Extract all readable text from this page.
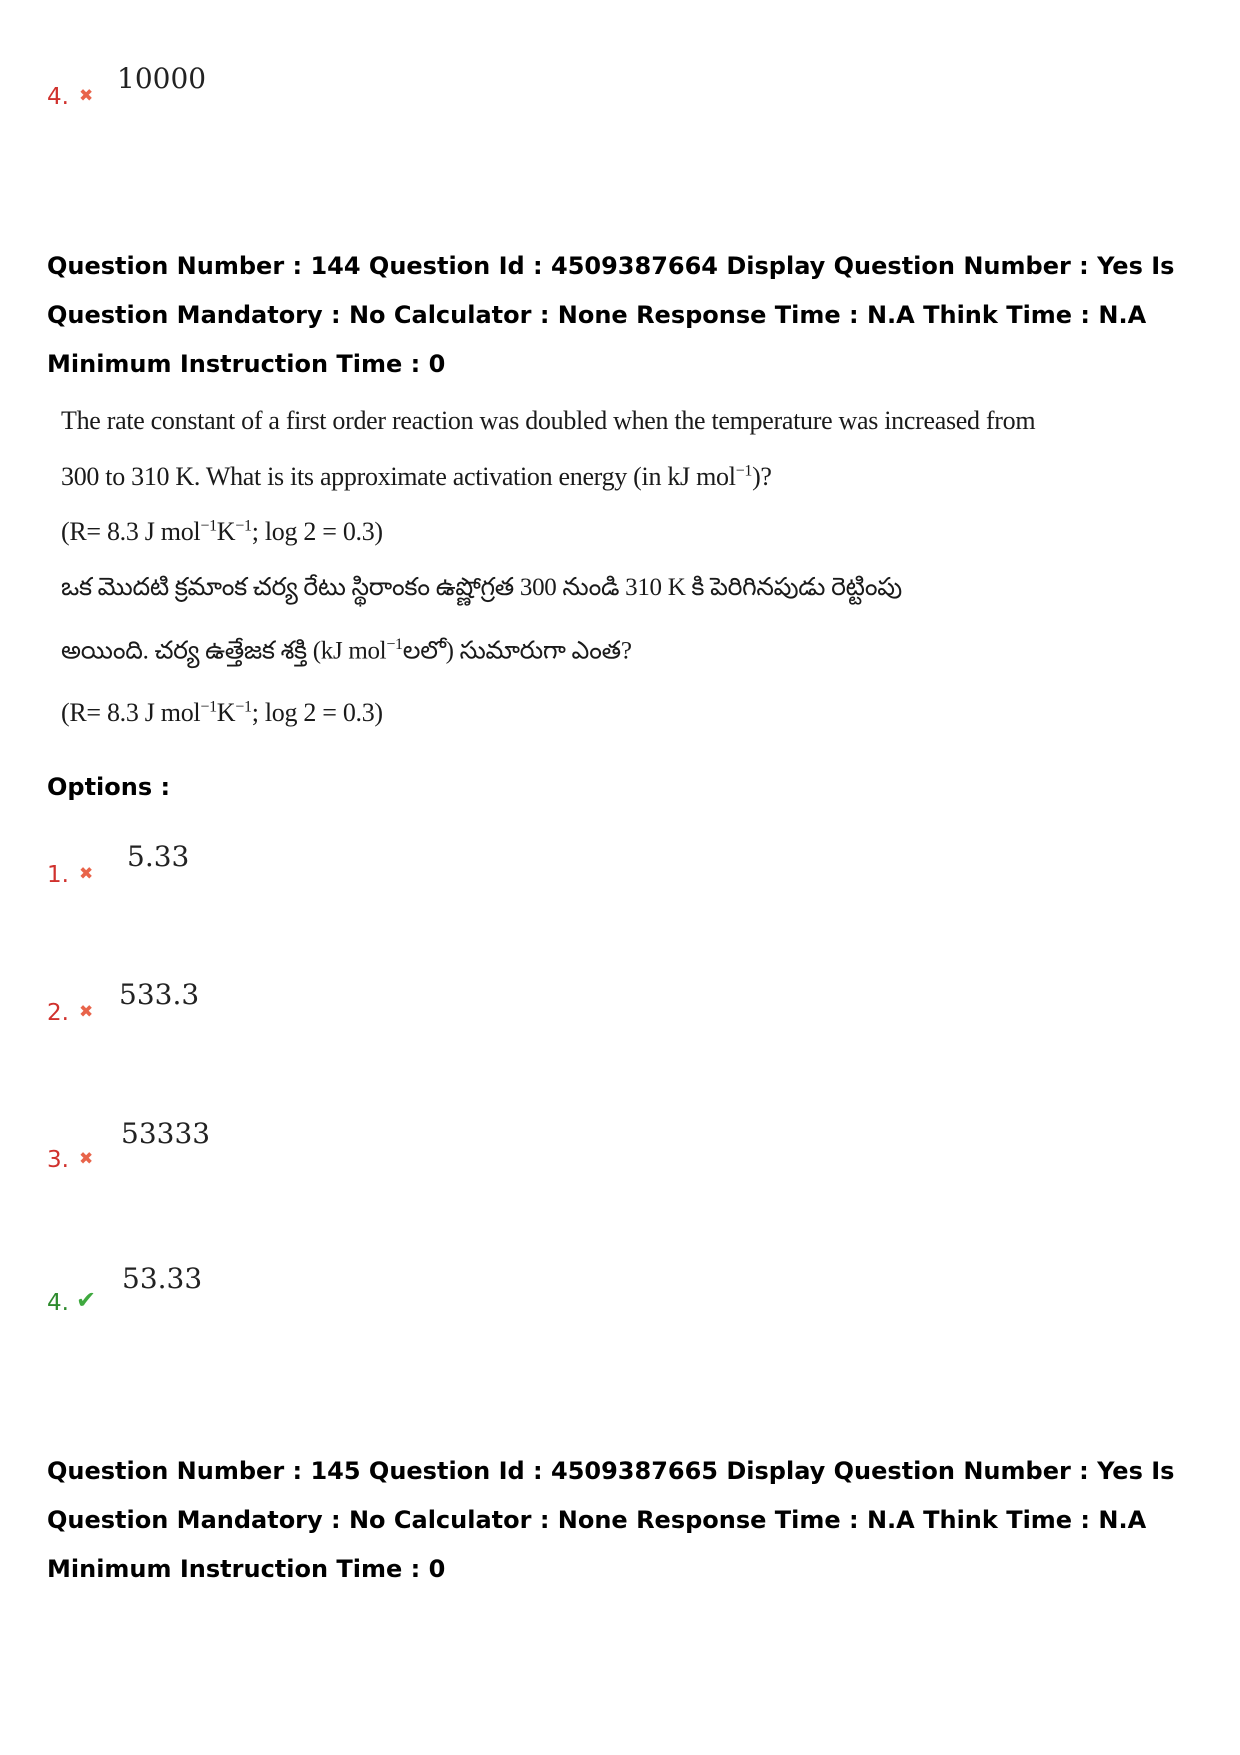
4. ✖
10000
Question Number : 144 Question Id : 4509387664 Display Question Number : Yes Is Question Mandatory : No Calculator : None Response Time : N.A Think Time : N.A Minimum Instruction Time : 0
The rate constant of a first order reaction was doubled when the temperature was increased from
300 to 310 K. What is its approximate activation energy (in kJ mol$^{-1}$)?
(R= 8.3 J $mol^{-1}K^{-1}$; log 2 = 0.3)
ఒక మొదటి క్రమాంక చర్య రేటు స్థిరాంకం ఉష్ణోగ్రత 300 నుండి 310 K కి పెరిగినపుడు రెట్టింపు
అయింది. చర్య ఉత్తేజక శక్తి (kJ mol$^{-1}$లలో) సుమారుగా ఎంత?
(R= 8.3 J $mol^{-1}K^{-1}$; log 2 = 0.3)
Options :
1. ✖
5.33
2. ✖
533.3
3. ✖
53333
4. ✔
53.33
Question Number : 145 Question Id : 4509387665 Display Question Number : Yes Is Question Mandatory : No Calculator : None Response Time : N.A Think Time : N.A Minimum Instruction Time : 0
